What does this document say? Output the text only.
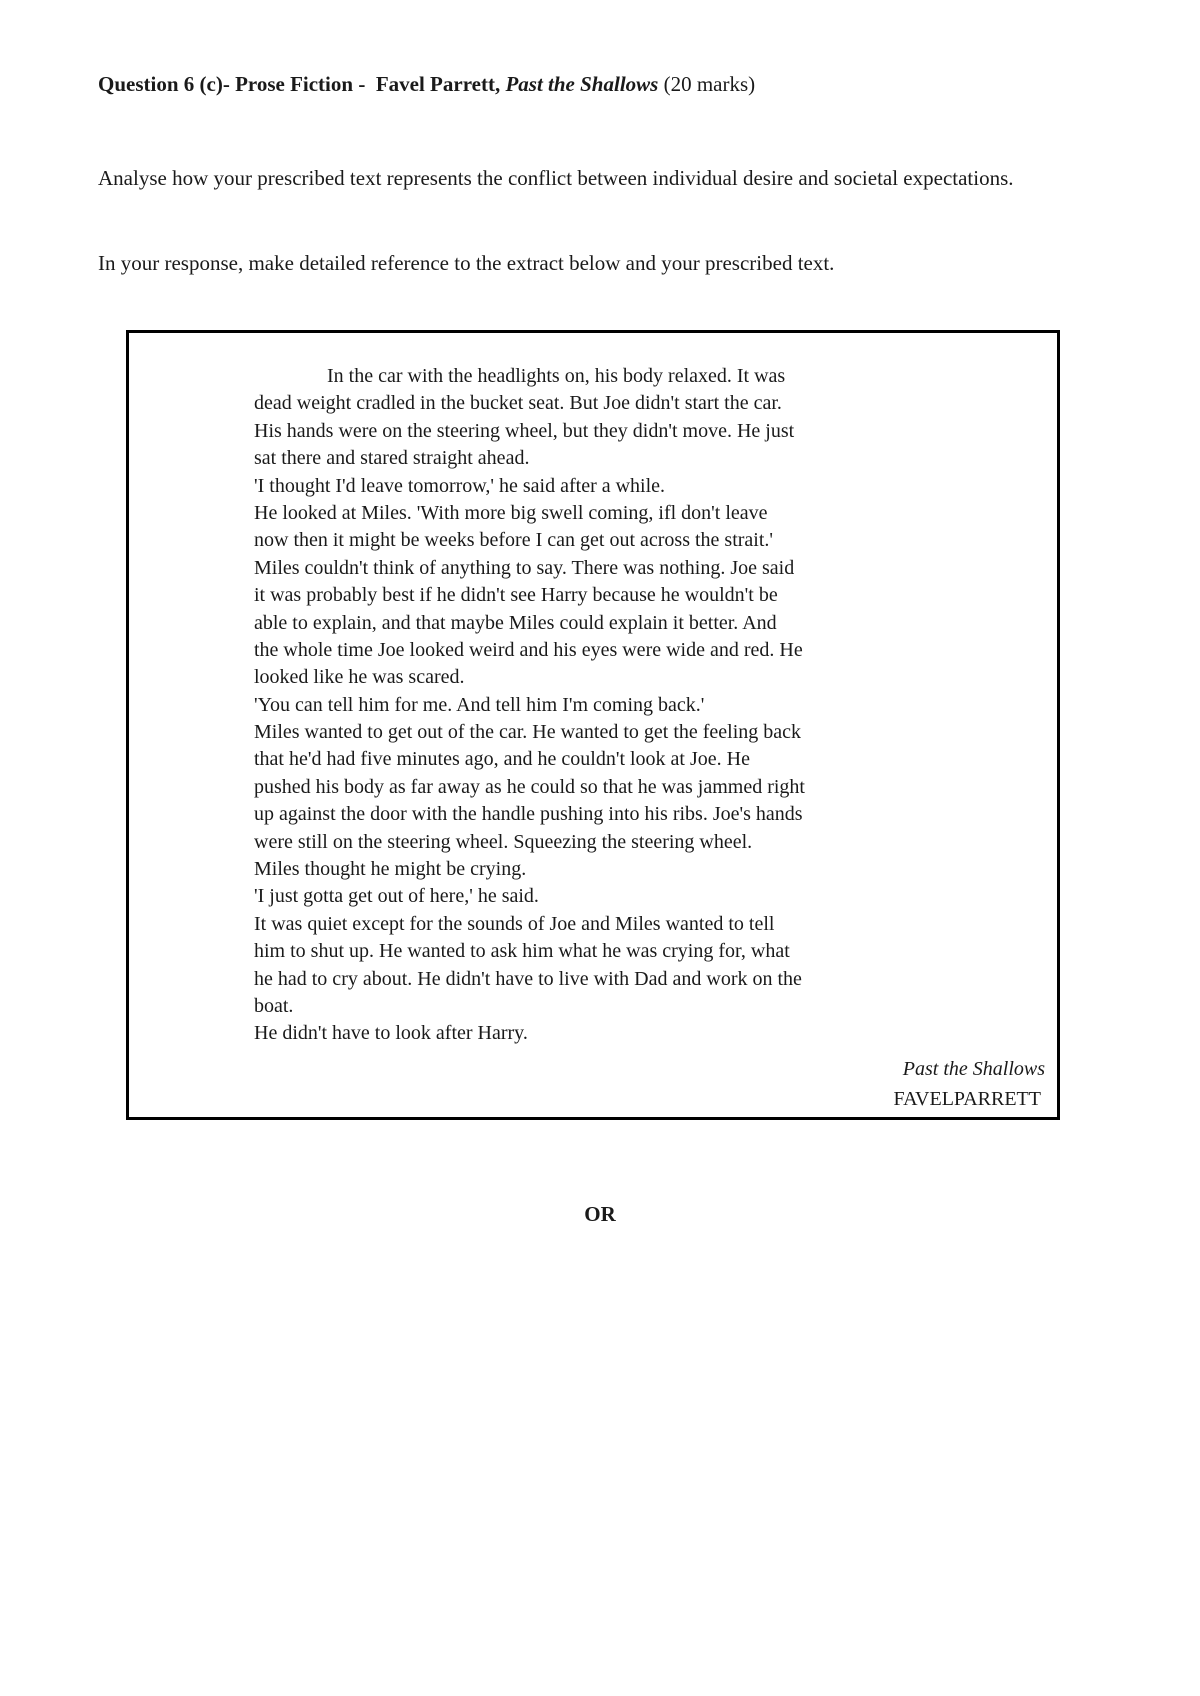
Question 6 (c)- Prose Fiction - Favel Parrett, Past the Shallows (20 marks)
Analyse how your prescribed text represents the conflict between individual desire and societal expectations.
In your response, make detailed reference to the extract below and your prescribed text.
In the car with the headlights on, his body relaxed. It was
dead weight cradled in the bucket seat. But Joe didn't start the car.
His hands were on the steering wheel, but they didn't move. He just
sat there and stared straight ahead.
'I thought I'd leave tomorrow,' he said after a while.
He looked at Miles. 'With more big swell coming, ifl don't leave
now then it might be weeks before I can get out across the strait.'
Miles couldn't think of anything to say. There was nothing. Joe said
it was probably best if he didn't see Harry because he wouldn't be
able to explain, and that maybe Miles could explain it better. And
the whole time Joe looked weird and his eyes were wide and red. He
looked like he was scared.
'You can tell him for me. And tell him I'm coming back.'
Miles wanted to get out of the car. He wanted to get the feeling back
that he'd had five minutes ago, and he couldn't look at Joe. He
pushed his body as far away as he could so that he was jammed right
up against the door with the handle pushing into his ribs. Joe's hands
were still on the steering wheel. Squeezing the steering wheel.
Miles thought he might be crying.
'I just gotta get out of here,' he said.
It was quiet except for the sounds of Joe and Miles wanted to tell
him to shut up. He wanted to ask him what he was crying for, what
he had to cry about. He didn't have to live with Dad and work on the
boat.
He didn't have to look after Harry.
Past the Shallows
FAVELPARRETT
OR
